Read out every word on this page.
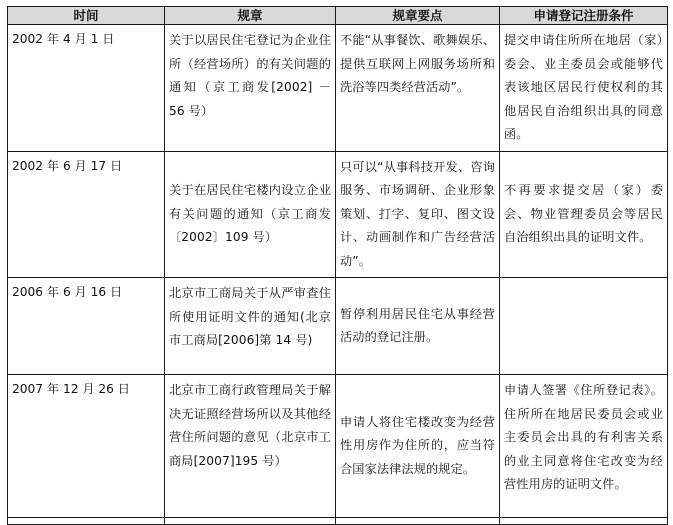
时间	规章	规章要点	申请登记注册条件
2002 年 4 月 1 日	关于以居民住宅登记为企业住所（经营场所）的有关问题的通知（京工商发[2002] － 56 号）	不能“从事餐饮、歌舞娱乐、提供互联网上网服务场所和洗浴等四类经营活动”。	提交申请住所所在地居（家）委会、业主委员会或能够代表该地区居民行使权利的其他居民自治组织出具的同意函。

2002 年 6 月 17 日	关于在居民住宅楼内设立企业有关问题的通知（京工商发〔2002〕109 号）	只可以“从事科技开发、咨询服务、市场调研、企业形象策划、打字、复印、图文设计、动画制作和广告经营活动”。	不再要求提交居（家）委会、物业管理委员会等居民自治组织出具的证明文件。

2006 年 6 月 16 日	北京市工商局关于从严审查住所使用证明文件的通知(北京市工商局[2006]第 14 号)	暂停利用居民住宅从事经营活动的登记注册。	

2007 年 12 月 26 日	北京市工商行政管理局关于解决无证照经营场所以及其他经营住所问题的意见（北京市工商局[2007]195 号）	申请人将住宅楼改变为经营性用房作为住所的，应当符合国家法律法规的规定。	申请人签署《住所登记表》。住所所在地居民委员会或业主委员会出具的有利害关系的业主同意将住宅改变为经营性用房的证明文件。
